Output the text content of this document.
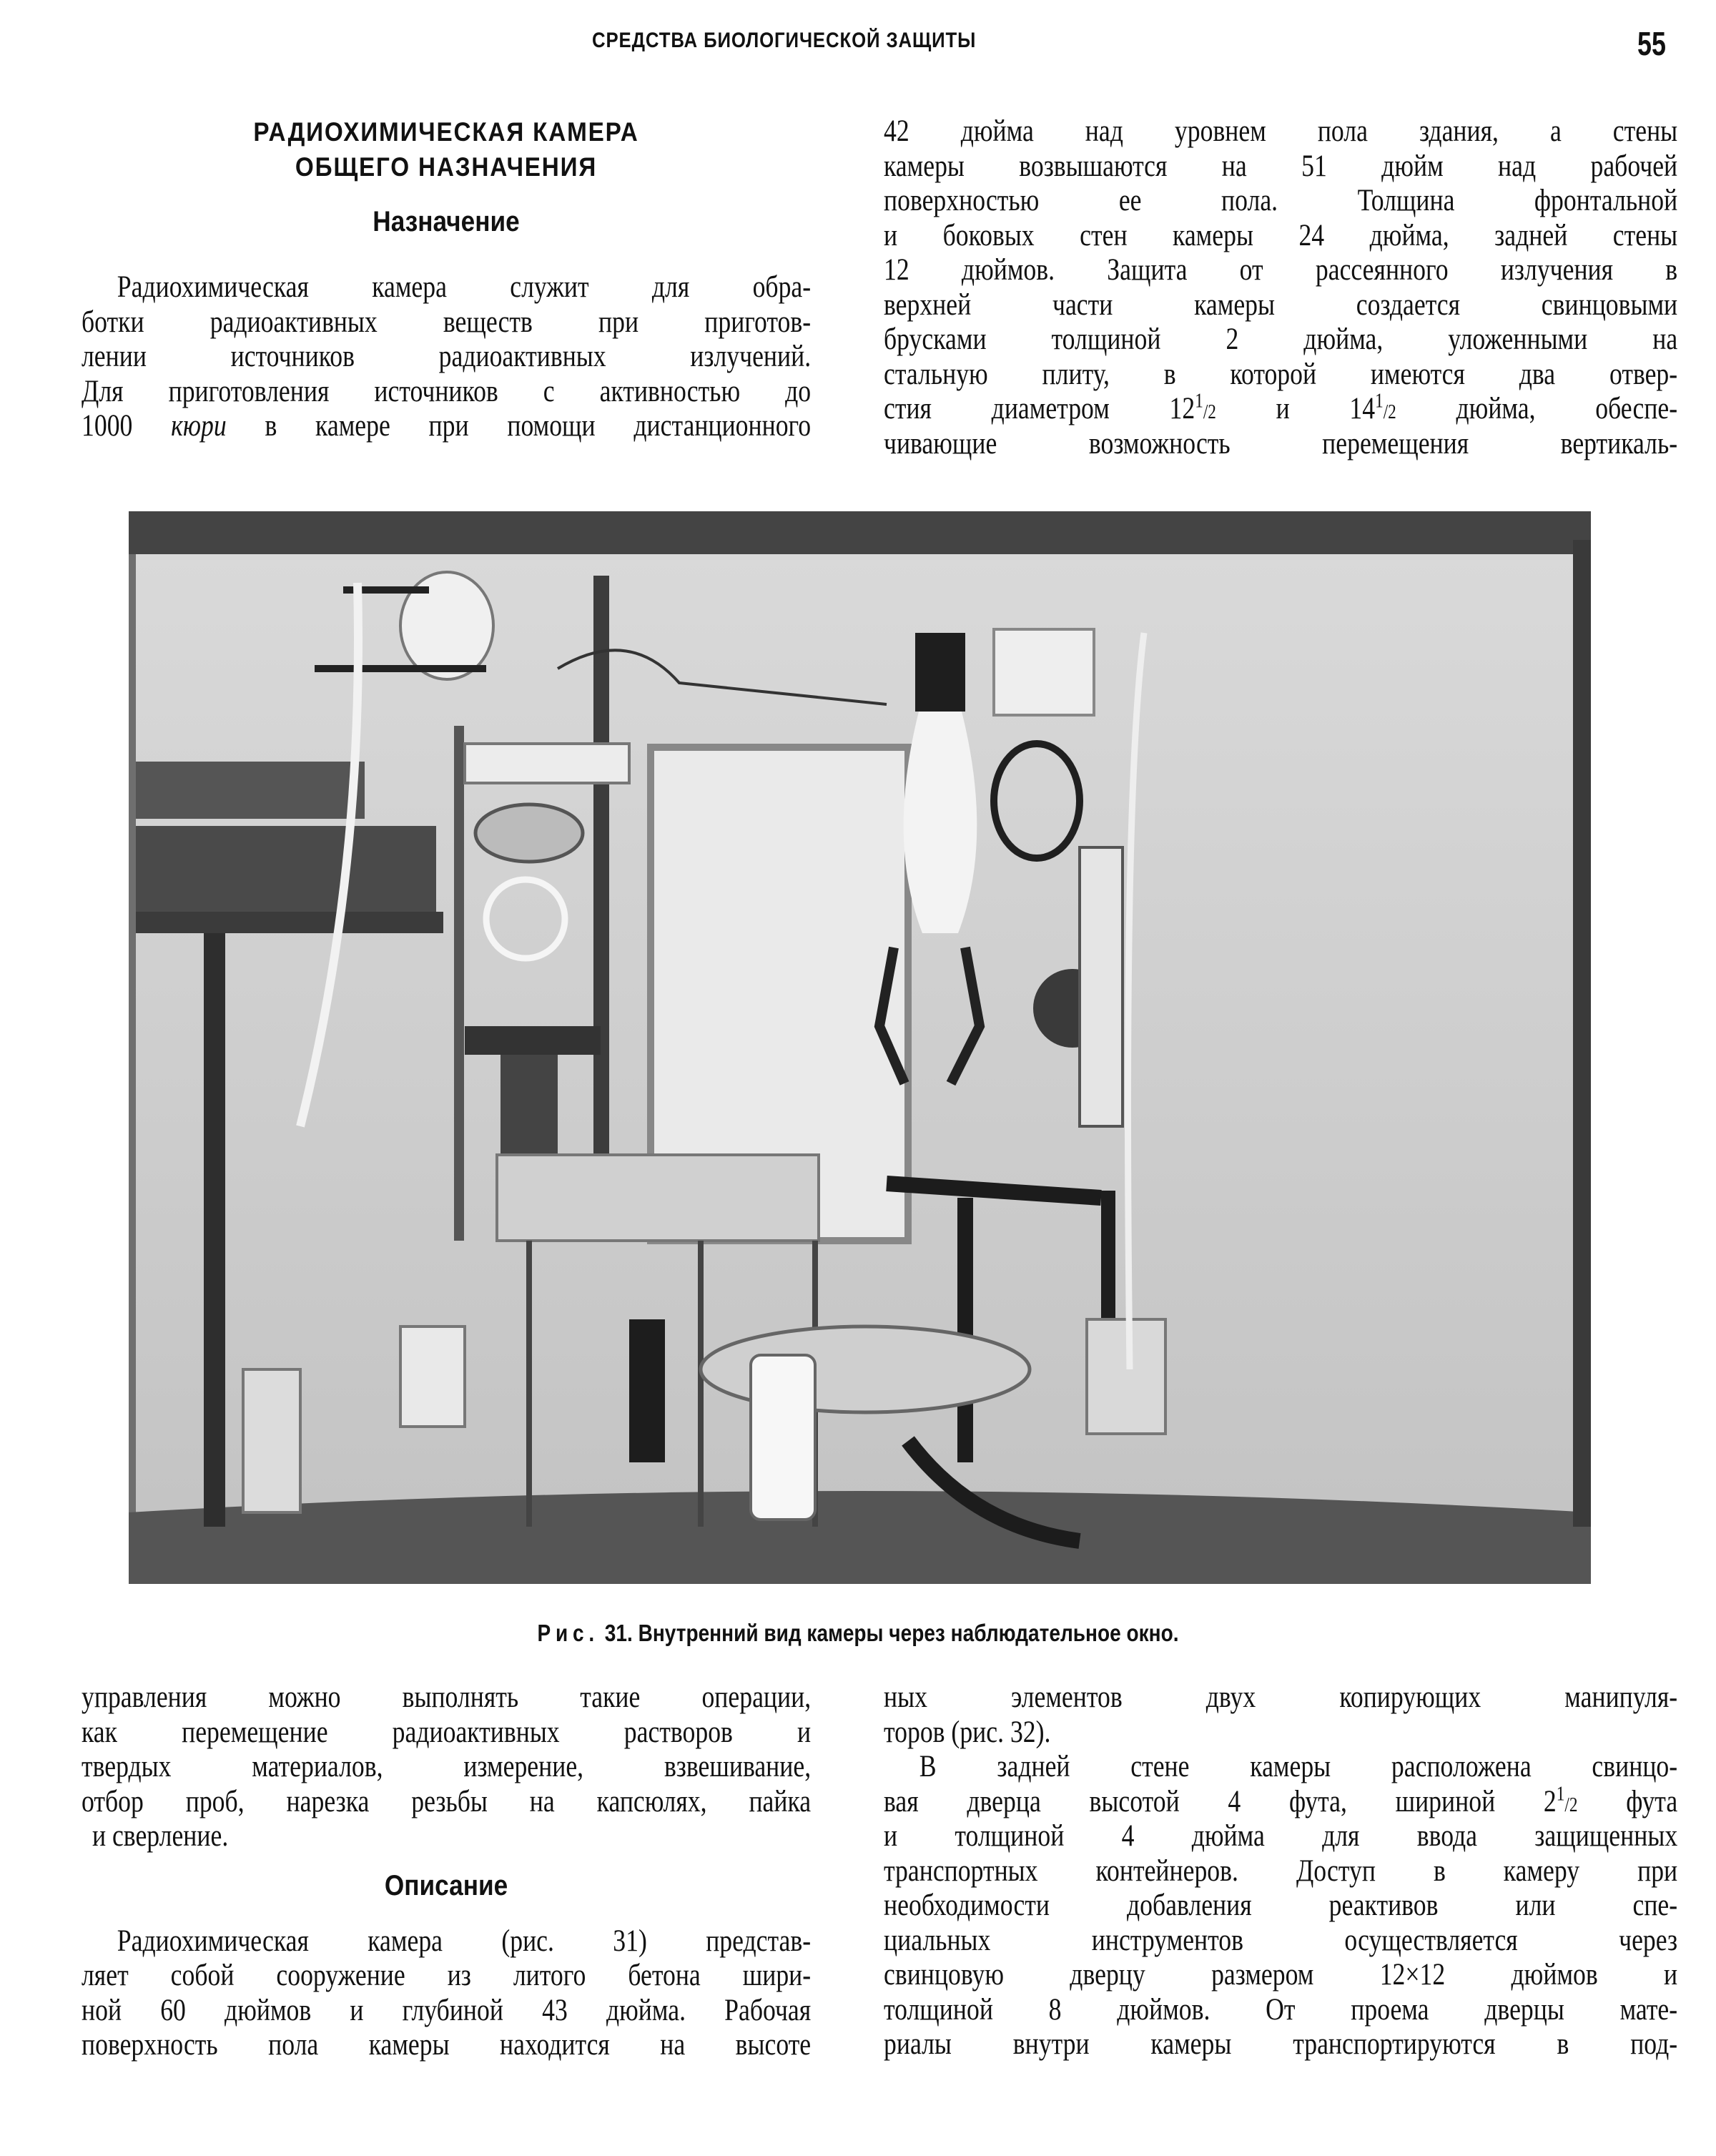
СРЕДСТВА БИОЛОГИЧЕСКОЙ ЗАЩИТЫ	55
РАДИОХИМИЧЕСКАЯ КАМЕРА
ОБЩЕГО НАЗНАЧЕНИЯ
Назначение
Радиохимическая камера служит для обра-
ботки радиоактивных веществ при приготов-
лении источников радиоактивных излучений.
Для приготовления источников с активностью до
1000 кюри в камере при помощи дистанционного
42 дюйма над уровнем пола здания, а стены
камеры возвышаются на 51 дюйм над рабочей
поверхностью ее пола. Толщина фронтальной
и боковых стен камеры 24 дюйма, задней стены
12 дюймов. Защита от рассеянного излучения в
верхней части камеры создается свинцовыми
брусками толщиной 2 дюйма, уложенными на
стальную плиту, в которой имеются два отвер-
стия диаметром $12^1/2$ и $14^1/2$ дюйма, обеспе-
чивающие возможность перемещения вертикаль-
Рис. 31. Внутренний вид камеры через наблюдательное окно.
управления можно выполнять такие операции,
как перемещение радиоактивных растворов и
твердых материалов, измерение, взвешивание,
отбор проб, нарезка резьбы на капсюлях, пайка
и сверление.
Описание
Радиохимическая камера (рис. 31) представ-
ляет собой сооружение из литого бетона шири-
ной 60 дюймов и глубиной 43 дюйма. Рабочая
поверхность пола камеры находится на высоте
ных элементов двух копирующих манипуля-
торов (рис. 32).
В задней стене камеры расположена свинцо-
вая дверца высотой 4 фута, шириной $2^1/2$ фута
и толщиной 4 дюйма для ввода защищенных
транспортных контейнеров. Доступ в камеру при
необходимости добавления реактивов или спе-
циальных инструментов осуществляется через
свинцовую дверцу размером 12×12 дюймов и
толщиной 8 дюймов. От проема дверцы мате-
риалы внутри камеры транспортируются в под-
